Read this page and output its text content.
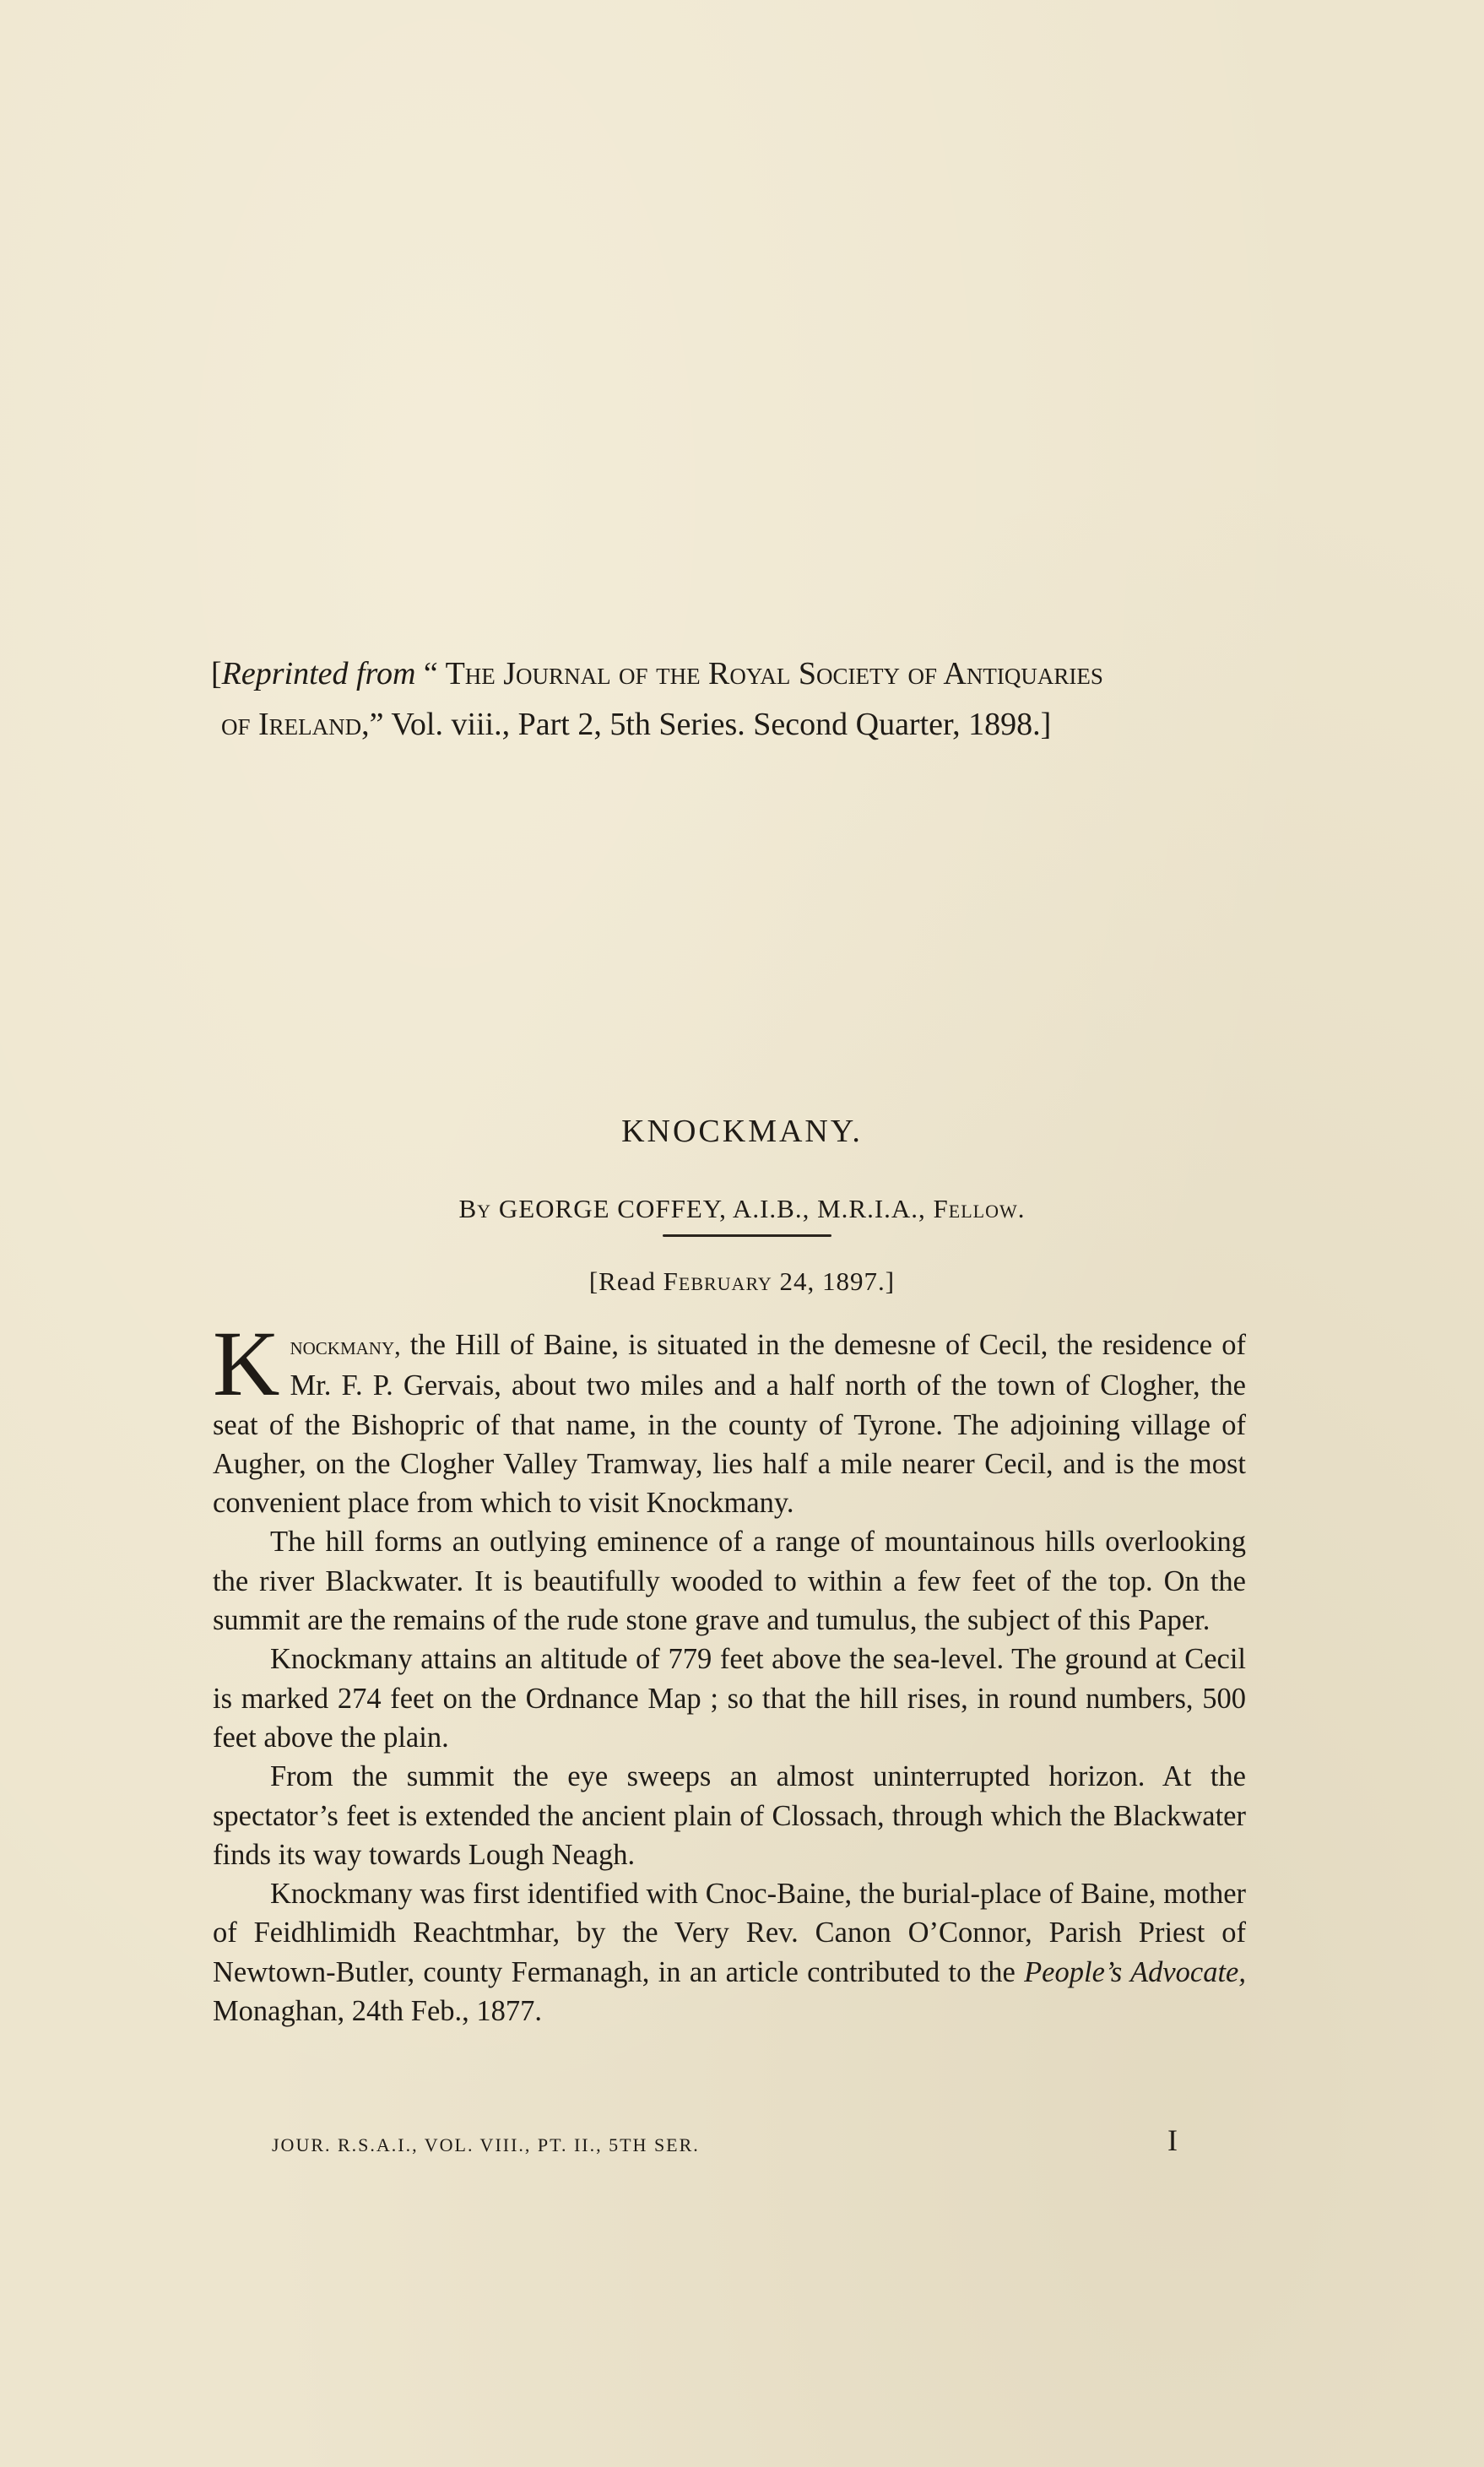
[Reprinted from “ The Journal of the Royal Society of Antiquaries
of Ireland,” Vol. viii., Part 2, 5th Series. Second Quarter, 1898.]
KNOCKMANY.
By GEORGE COFFEY, A.I.B., M.R.I.A., Fellow.
[Read February 24, 1897.]

Knockmany, the Hill of Baine, is situated in the demesne of Cecil, the residence of Mr. F. P. Gervais, about two miles and a half north of the town of Clogher, the seat of the Bishopric of that name, in the county of Tyrone. The adjoining village of Augher, on the Clogher Valley Tramway, lies half a mile nearer Cecil, and is the most convenient place from which to visit Knockmany.

The hill forms an outlying eminence of a range of mountainous hills overlooking the river Blackwater. It is beautifully wooded to within a few feet of the top. On the summit are the remains of the rude stone grave and tumulus, the subject of this Paper.

Knockmany attains an altitude of 779 feet above the sea-level. The ground at Cecil is marked 274 feet on the Ordnance Map ; so that the hill rises, in round numbers, 500 feet above the plain.

From the summit the eye sweeps an almost uninterrupted horizon. At the spectator’s feet is extended the ancient plain of Clossach, through which the Blackwater finds its way towards Lough Neagh.

Knockmany was first identified with Cnoc-Baine, the burial-place of Baine, mother of Feidhlimidh Reachtmhar, by the Very Rev. Canon O’Connor, Parish Priest of Newtown-Butler, county Fermanagh, in an article contributed to the People’s Advocate, Monaghan, 24th Feb., 1877.

JOUR. R.S.A.I., VOL. VIII., PT. II., 5TH SER.	I
